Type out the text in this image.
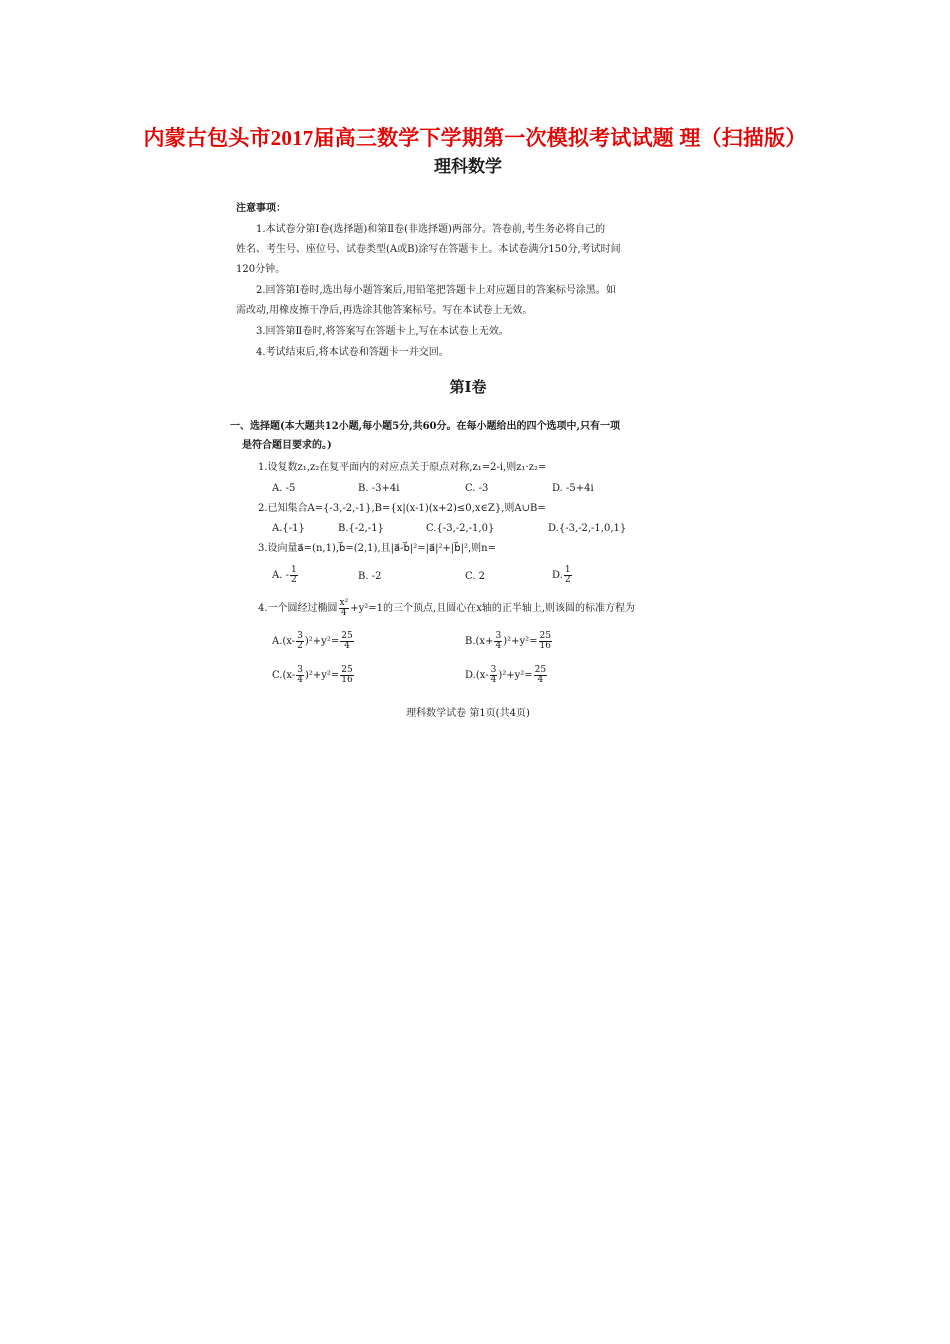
内蒙古包头市2017届高三数学下学期第一次模拟考试试题 理（扫描版）
理科数学
注意事项：
1.本试卷分第Ⅰ卷(选择题)和第Ⅱ卷(非选择题)两部分。答卷前,考生务必将自己的
姓名、考生号、座位号、试卷类型(A或B)涂写在答题卡上。本试卷满分150分,考试时间
120分钟。
2.回答第Ⅰ卷时,选出每小题答案后,用铅笔把答题卡上对应题目的答案标号涂黑。如
需改动,用橡皮擦干净后,再选涂其他答案标号。写在本试卷上无效。
3.回答第Ⅱ卷时,将答案写在答题卡上,写在本试卷上无效。
4.考试结束后,将本试卷和答题卡一并交回。
第Ⅰ卷
一、选择题(本大题共12小题,每小题5分,共60分。在每小题给出的四个选项中,只有一项
是符合题目要求的。)
1.设复数z₁,z₂在复平面内的对应点关于原点对称,z₁=2-i,则z₁·z₂=
A. -5	B. -3+4i	C. -3	D. -5+4i
2.已知集合A={-3,-2,-1},B={x|(x-1)(x+2)≤0,x∈Z},则A∪B=
A.{-1}	B.{-2,-1}	C.{-3,-2,-1,0}	D.{-3,-2,-1,0,1}
3.设向量a⃗=(n,1),b⃗=(2,1),且|a⃗-b⃗|²=|a⃗|²+|b⃗|²,则n=
A. - $\frac{1}{2}$	B. -2	C. 2	D. $\frac{1}{2}$
4.一个圆经过椭圆 $\frac{\text{x²}}{4} +y^2=1$的三个顶点,且圆心在x轴的正半轴上,则该圆的标准方程为
$A.(x- \frac{3}{2} )^2+y^2= \frac{25}{4}$	$B.(x+ \frac{3}{4} )^2+y^2= \frac{25}{16}$
$C.(x- \frac{3}{4} )^2+y^2= \frac{25}{16}$	$D.(x- \frac{3}{4} )^2+y^2= \frac{25}{4}$
理科数学试卷 第1页(共4页)
